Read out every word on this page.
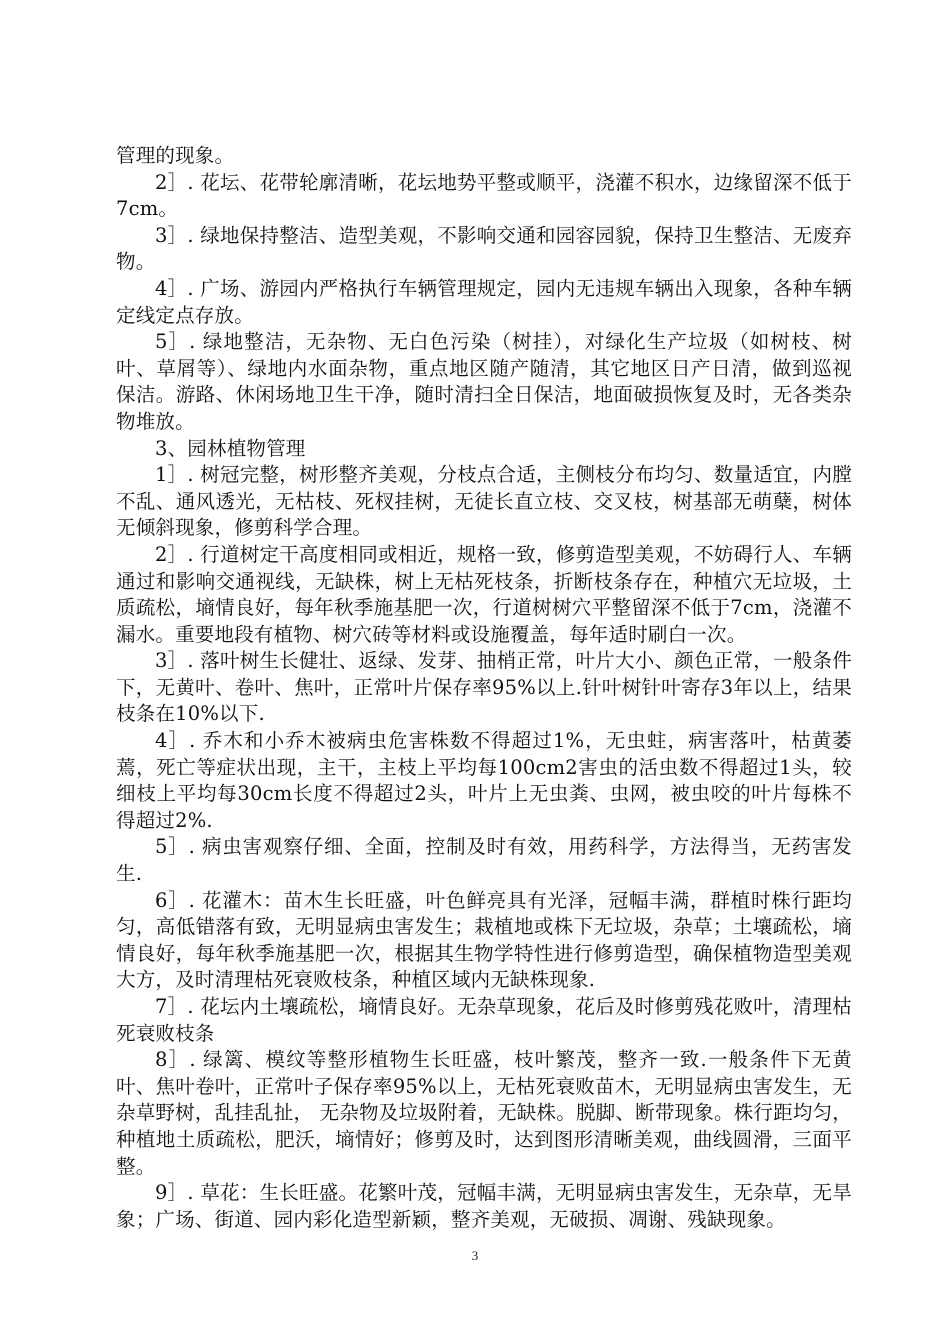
管理的现象。

2］. 花坛、花带轮廓清晰，花坛地势平整或顺平，浇灌不积水，边缘留深不低于7cm。

3］. 绿地保持整洁、造型美观，不影响交通和园容园貌，保持卫生整洁、无废弃物。

4］. 广场、游园内严格执行车辆管理规定，园内无违规车辆出入现象，各种车辆定线定点存放。

5］. 绿地整洁，无杂物、无白色污染（树挂），对绿化生产垃圾（如树枝、树叶、草屑等）、绿地内水面杂物，重点地区随产随清，其它地区日产日清，做到巡视保洁。游路、休闲场地卫生干净，随时清扫全日保洁，地面破损恢复及时，无各类杂物堆放。

3、园林植物管理

1］. 树冠完整，树形整齐美观，分枝点合适，主侧枝分布均匀、数量适宜，内膛不乱、通风透光，无枯枝、死杈挂树，无徒长直立枝、交叉枝，树基部无萌蘖，树体无倾斜现象，修剪科学合理。

2］. 行道树定干高度相同或相近，规格一致，修剪造型美观，不妨碍行人、车辆通过和影响交通视线，无缺株，树上无枯死枝条，折断枝条存在，种植穴无垃圾，土质疏松，墒情良好，每年秋季施基肥一次，行道树树穴平整留深不低于7cm，浇灌不漏水。重要地段有植物、树穴砖等材料或设施覆盖，每年适时刷白一次。

3］. 落叶树生长健壮、返绿、发芽、抽梢正常，叶片大小、颜色正常，一般条件下，无黄叶、卷叶、焦叶，正常叶片保存率95%以上.针叶树针叶寄存3年以上，结果枝条在10%以下.

4］. 乔木和小乔木被病虫危害株数不得超过1%，无虫蛀，病害落叶，枯黄萎蔫，死亡等症状出现，主干，主枝上平均每100cm2害虫的活虫数不得超过1头，较细枝上平均每30cm长度不得超过2头，叶片上无虫粪、虫网，被虫咬的叶片每株不得超过2%.

5］. 病虫害观察仔细、全面，控制及时有效，用药科学，方法得当，无药害发生.

6］. 花灌木：苗木生长旺盛，叶色鲜亮具有光泽，冠幅丰满，群植时株行距均匀，高低错落有致，无明显病虫害发生；栽植地或株下无垃圾，杂草；土壤疏松，墒情良好，每年秋季施基肥一次，根据其生物学特性进行修剪造型，确保植物造型美观大方，及时清理枯死衰败枝条，种植区域内无缺株现象.

7］. 花坛内土壤疏松，墒情良好。无杂草现象，花后及时修剪残花败叶，清理枯死衰败枝条

8］. 绿篱、模纹等整形植物生长旺盛，枝叶繁茂，整齐一致.一般条件下无黄叶、焦叶卷叶，正常叶子保存率95%以上，无枯死衰败苗木，无明显病虫害发生，无杂草野树，乱挂乱扯， 无杂物及垃圾附着，无缺株。脱脚、断带现象。株行距均匀，种植地土质疏松，肥沃，墒情好；修剪及时，达到图形清晰美观，曲线圆滑，三面平整。

9］. 草花：生长旺盛。花繁叶茂，冠幅丰满，无明显病虫害发生，无杂草，无旱象；广场、街道、园内彩化造型新颖，整齐美观，无破损、凋谢、残缺现象。

3
